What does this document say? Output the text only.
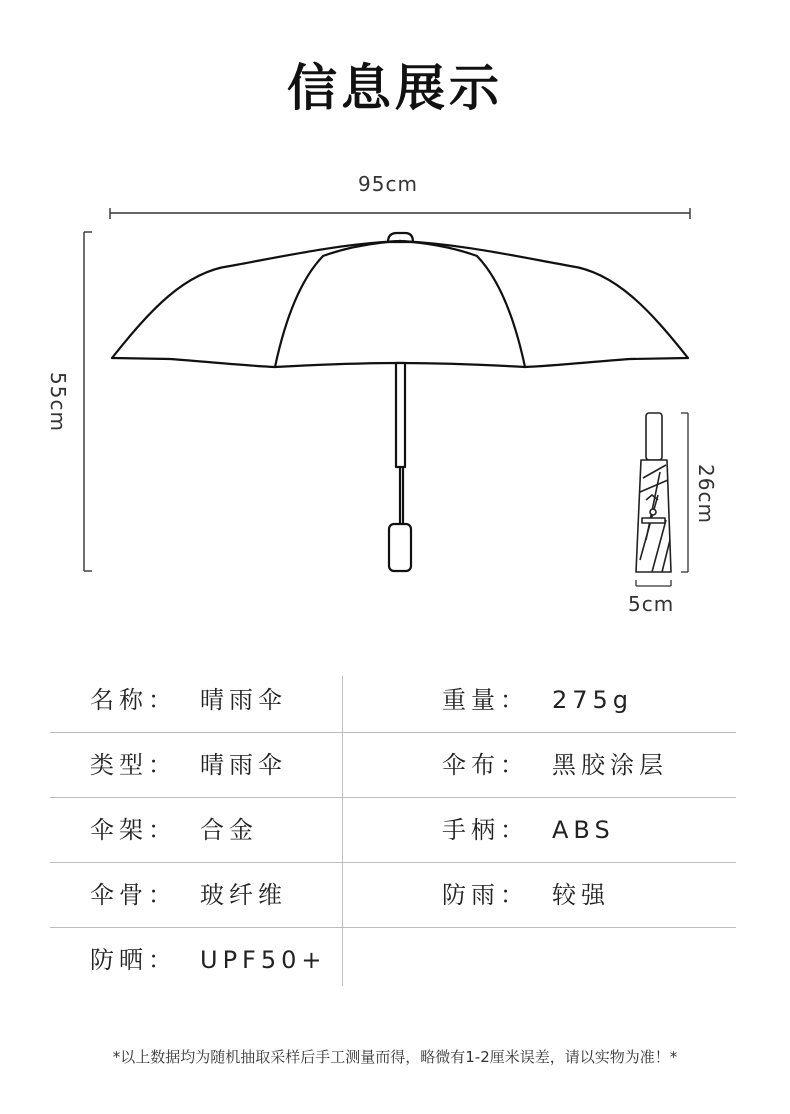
信息展示
95cm
55cm
26cm
5cm
名称： 晴雨伞	重量： 275g
类型： 晴雨伞	伞布： 黑胶涂层
伞架： 合金	手柄： ABS
伞骨： 玻纤维	防雨： 较强
防晒： UPF50+
*以上数据均为随机抽取采样后手工测量而得，略微有1-2厘米误差，请以实物为准！*
